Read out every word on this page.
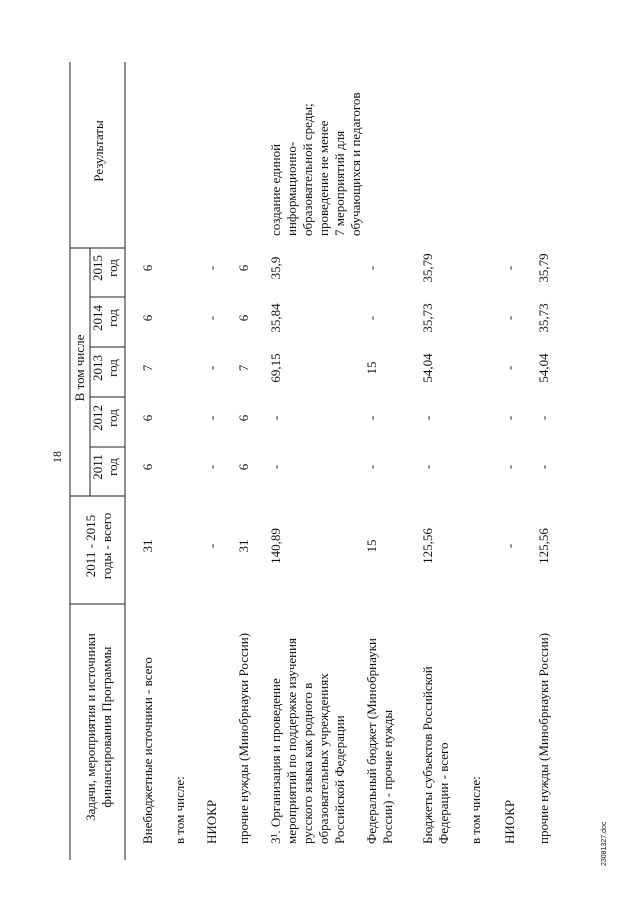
18
23081327.doc
Задачи, мероприятия и источники финансирования Программы
2011 - 2015 годы - всего
В том числе
2011 год
2012 год
2013 год
2014 год
2015 год
Результаты
Внебюджетные источники - всего
31
6
6
7
6
6
в том числе: НИОКР
-
-
-
-
-
-
прочие нужды (Минобрнауки России)
31
6
6
7
6
6
3¹. Организация и проведение мероприятий по поддержке изучения русского языка как родного в образовательных учреждениях Российской Федерации
140,89
-
-
69,15
35,84
35,9
создание единой информационно- образовательной среды; проведение не менее 7 мероприятий для обучающихся и педагогов
Федеральный бюджет (Минобрнауки России) - прочие нужды
15
-
-
15
-
-
Бюджеты субъектов Российской Федерации - всего
125,56
-
-
54,04
35,73
35,79
в том числе: НИОКР
-
-
-
-
-
-
прочие нужды (Минобрнауки России)
125,56
-
-
54,04
35,73
35,79
